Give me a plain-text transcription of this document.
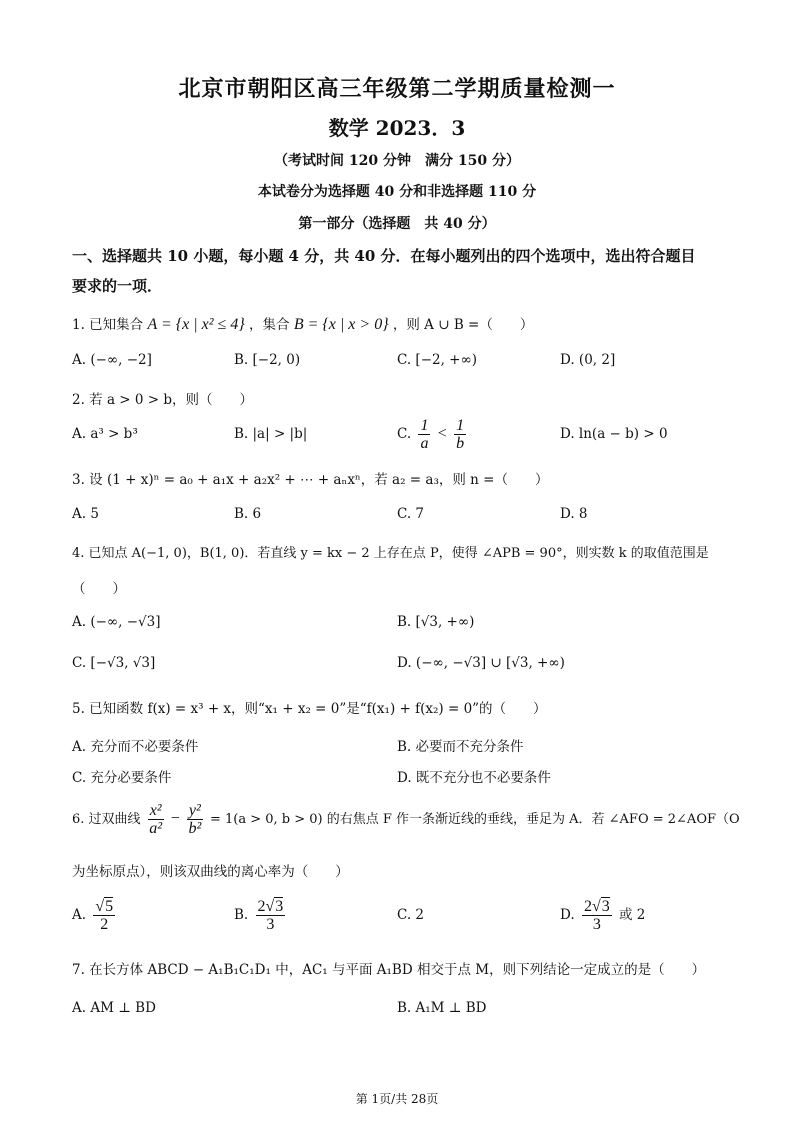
北京市朝阳区高三年级第二学期质量检测一
数学 2023．3
（考试时间 120 分钟　满分 150 分）
本试卷分为选择题 40 分和非选择题 110 分
第一部分（选择题　共 40 分）
一、选择题共 10 小题，每小题 4 分，共 40 分．在每小题列出的四个选项中，选出符合题目
要求的一项．
1. 已知集合 A = {x | x² ≤ 4} ，集合 B = {x | x > 0} ，则 A ∪ B =（　　）
A. (−∞, −2]	B. [−2, 0)	C. [−2, +∞)	D. (0, 2]
2. 若 a > 0 > b，则（　　）
A. a³ > b³	B. |a| > |b|	C. $\frac{1}{a} < \frac{1}{b}$	D. ln(a − b) > 0
3. 设 (1 + x)ⁿ = a₀ + a₁x + a₂x² + ⋯ + aₙxⁿ，若 a₂ = a₃，则 n =（　　）
A. 5	B. 6	C. 7	D. 8
4. 已知点 A(−1, 0)，B(1, 0)．若直线 y = kx − 2 上存在点 P，使得 ∠APB = 90°，则实数 k 的取值范围是
（　　）
A. (−∞, −√3]	B. [√3, +∞)
C. [−√3, √3]	D. (−∞, −√3] ∪ [√3, +∞)
5. 已知函数 f(x) = x³ + x，则“x₁ + x₂ = 0”是“f(x₁) + f(x₂) = 0”的（　　）
A. 充分而不必要条件	B. 必要而不充分条件
C. 充分必要条件	D. 既不充分也不必要条件
6. 过双曲线 $\frac{\text{x²}}{\text{a²}} - \frac{\text{y²}}{\text{b²}} = 1(a > 0$, b > 0) 的右焦点 F 作一条渐近线的垂线，垂足为 A．若 ∠AFO = 2∠AOF（O
为坐标原点），则该双曲线的离心率为（　　）
A. $\frac{√5}{2}$	B. $\frac{2√3}{3}$	C. 2	D. $\frac{2√3}{3}$ 或 2
7. 在长方体 ABCD − A₁B₁C₁D₁ 中，AC₁ 与平面 A₁BD 相交于点 M，则下列结论一定成立的是（　　）
A. AM ⊥ BD	B. A₁M ⊥ BD
第 1页/共 28页
